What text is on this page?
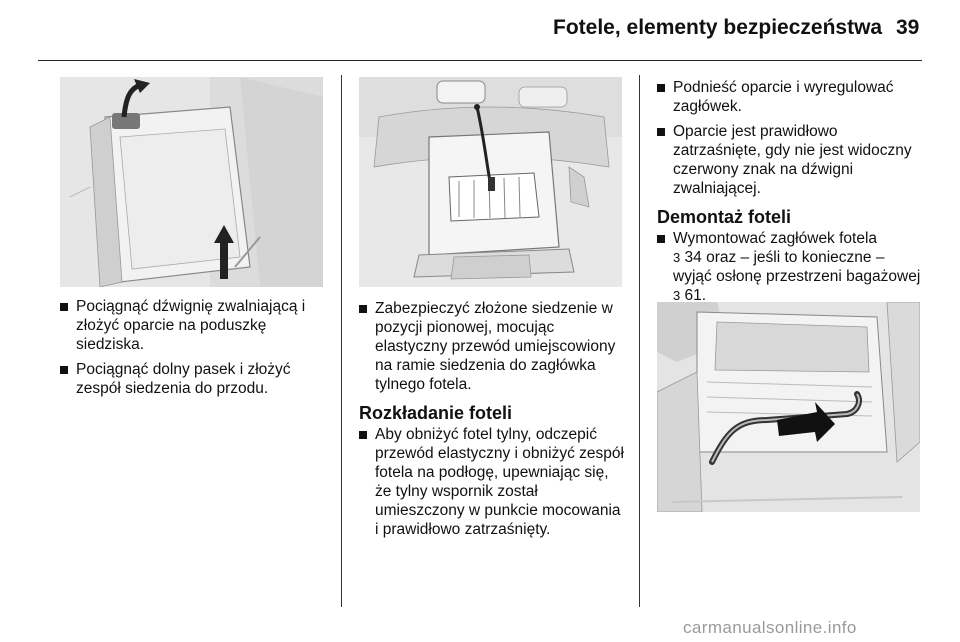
Fotele, elementy bezpieczeństwa 39
Pociągnąć dźwignię zwalniającą i złożyć oparcie na poduszkę siedziska.
Pociągnąć dolny pasek i złożyć zespół siedzenia do przodu.
Zabezpieczyć złożone siedzenie w pozycji pionowej, mocując elastyczny przewód umiejscowiony na ramie siedzenia do zagłówka tylnego fotela.
Rozkładanie foteli
Aby obniżyć fotel tylny, odczepić przewód elastyczny i obniżyć zespół fotela na podłogę, upewniając się, że tylny wspornik został umieszczony w punkcie mocowania i prawidłowo zatrzaśnięty.
Podnieść oparcie i wyregulować zagłówek.
Oparcie jest prawidłowo zatrzaśnięte, gdy nie jest widoczny czerwony znak na dźwigni zwalniającej.
Demontaż foteli
Wymontować zagłówek fotela
3 34 oraz – jeśli to konieczne – wyjąć osłonę przestrzeni bagażowej 3 61.
carmanualsonline.info
